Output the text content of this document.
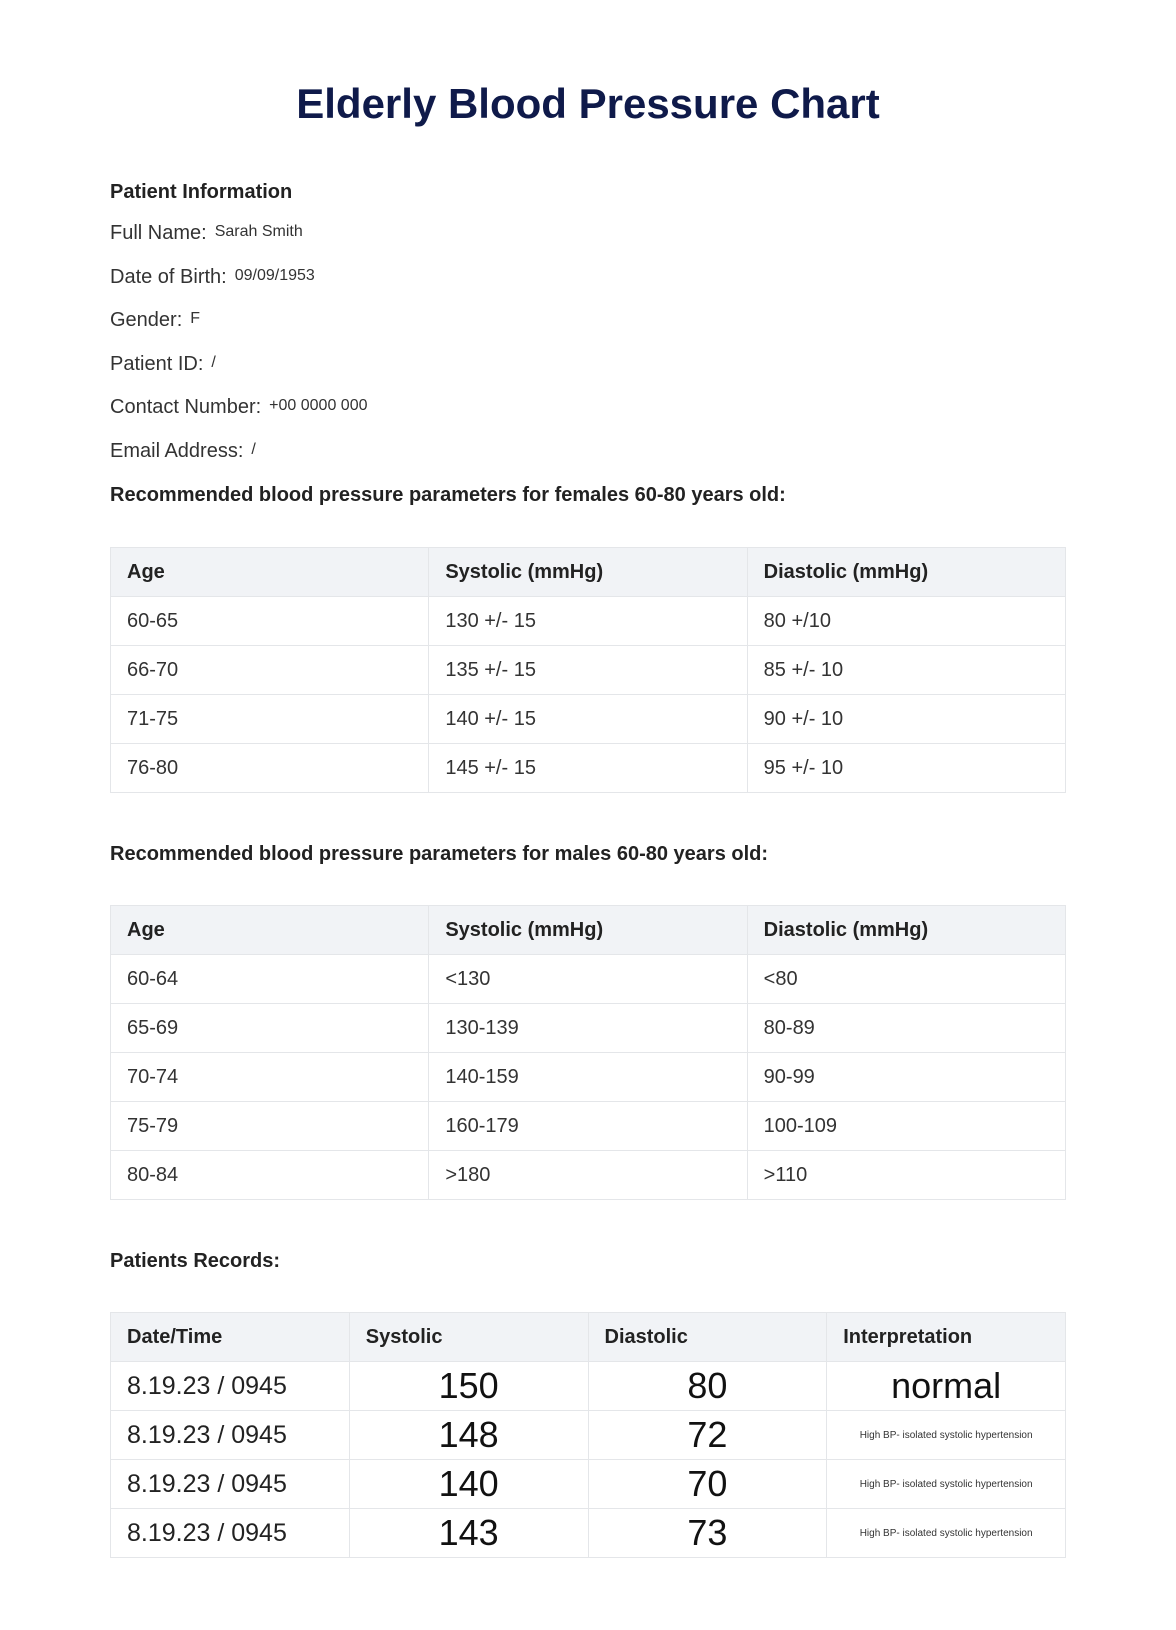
Elderly Blood Pressure Chart

Patient Information

Full Name: Sarah Smith
Date of Birth: 09/09/1953
Gender: F
Patient ID: /
Contact Number: +00 0000 000
Email Address: /

Recommended blood pressure parameters for females 60-80 years old:

Age	Systolic (mmHg)	Diastolic (mmHg)
60-65	130 +/- 15	80 +/10
66-70	135 +/- 15	85 +/- 10
71-75	140 +/- 15	90 +/- 10
76-80	145 +/- 15	95 +/- 10

Recommended blood pressure parameters for males 60-80 years old:

Age	Systolic (mmHg)	Diastolic (mmHg)
60-64	<130	<80
65-69	130-139	80-89
70-74	140-159	90-99
75-79	160-179	100-109
80-84	>180	>110

Patients Records:

Date/Time	Systolic	Diastolic	Interpretation
8.19.23 / 0945	150	80	normal
8.19.23 / 0945	148	72	High BP- isolated systolic hypertension
8.19.23 / 0945	140	70	High BP- isolated systolic hypertension
8.19.23 / 0945	143	73	High BP- isolated systolic hypertension
